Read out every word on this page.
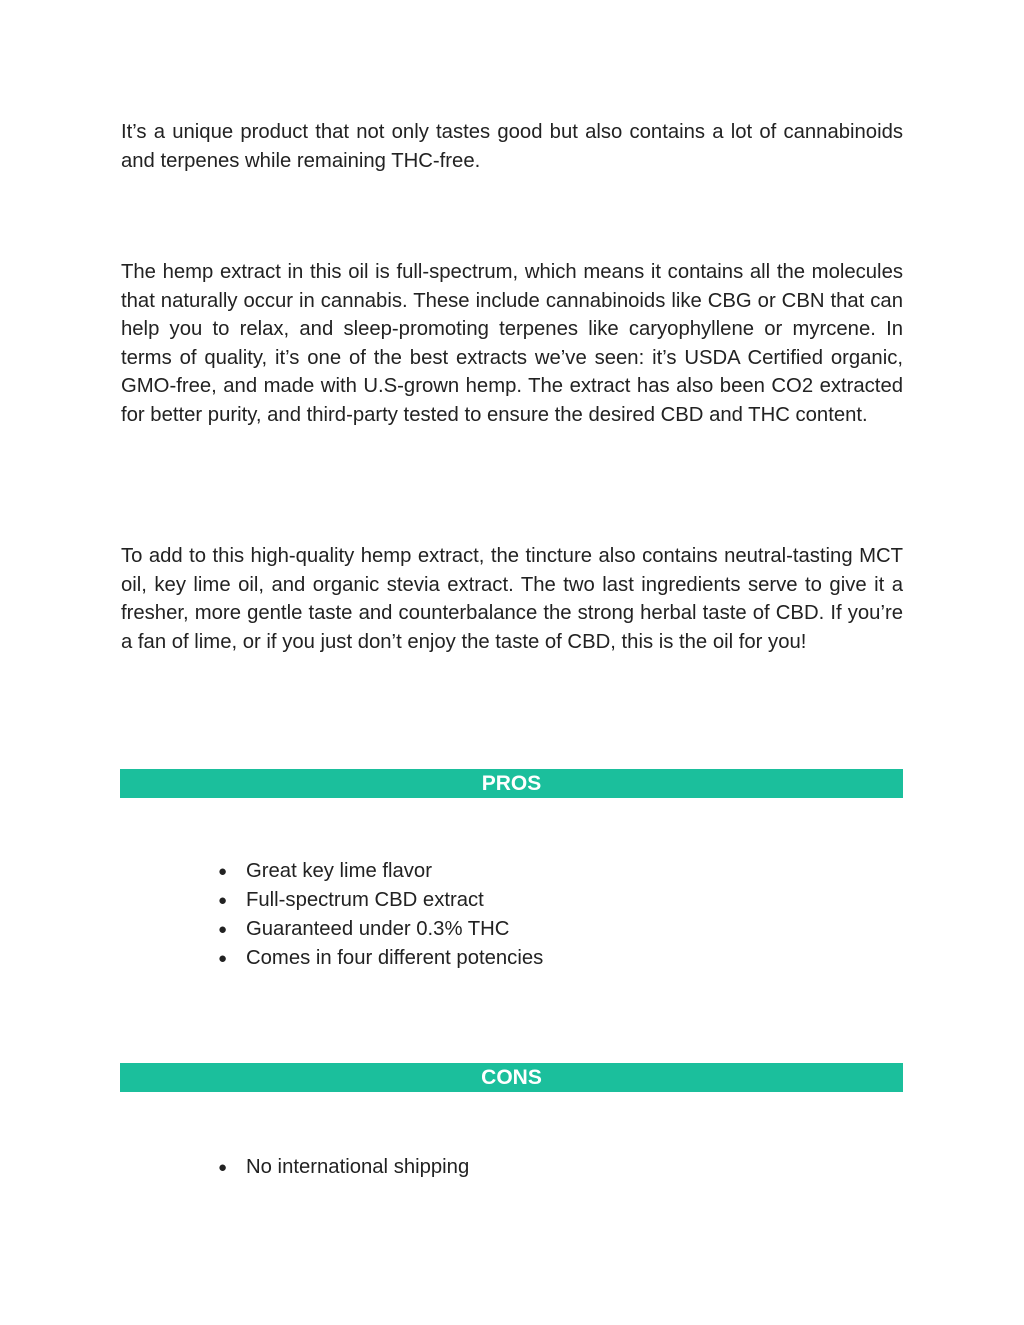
It’s a unique product that not only tastes good but also contains a lot of cannabinoids and terpenes while remaining THC-free.

The hemp extract in this oil is full-spectrum, which means it contains all the molecules that naturally occur in cannabis. These include cannabinoids like CBG or CBN that can help you to relax, and sleep-promoting terpenes like caryophyllene or myrcene. In terms of quality, it’s one of the best extracts we’ve seen: it’s USDA Certified organic, GMO-free, and made with U.S-grown hemp. The extract has also been CO2 extracted for better purity, and third-party tested to ensure the desired CBD and THC content.

To add to this high-quality hemp extract, the tincture also contains neutral-tasting MCT oil, key lime oil, and organic stevia extract. The two last ingredients serve to give it a fresher, more gentle taste and counterbalance the strong herbal taste of CBD. If you’re a fan of lime, or if you just don’t enjoy the taste of CBD, this is the oil for you!

PROS
● Great key lime flavor
● Full-spectrum CBD extract
● Guaranteed under 0.3% THC
● Comes in four different potencies
CONS
● No international shipping
